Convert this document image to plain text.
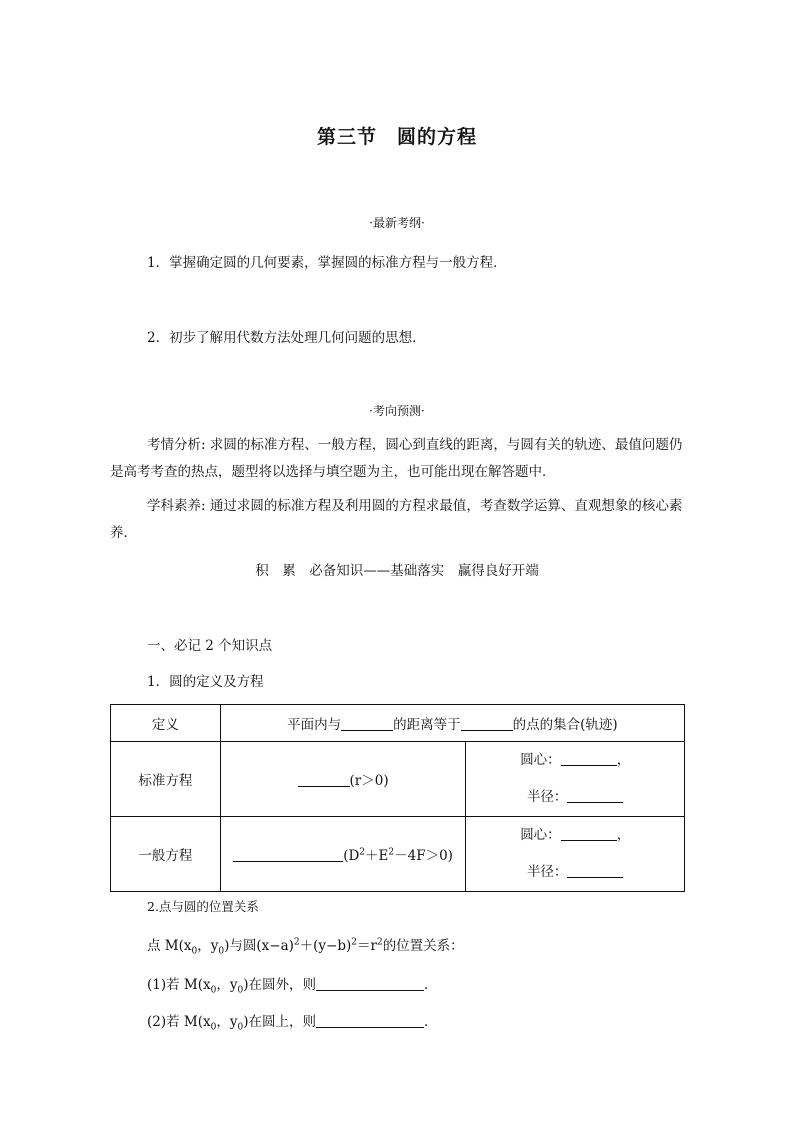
第三节　圆的方程
·最新考纲·
1．掌握确定圆的几何要素，掌握圆的标准方程与一般方程．
2．初步了解用代数方法处理几何问题的思想．
·考向预测·
考情分析: 求圆的标准方程、一般方程，圆心到直线的距离，与圆有关的轨迹、最值问题仍是高考考查的热点，题型将以选择与填空题为主，也可能出现在解答题中．
学科素养: 通过求圆的标准方程及利用圆的方程求最值，考查数学运算、直观想象的核心素养．
积　累　必备知识——基础落实　赢得良好开端
一、必记 2 个知识点
1．圆的定义及方程
定义	平面内与 的距离等于 的点的集合(轨迹)	
标准方程	(r＞0)	圆心： ，
半径：

一般方程	$(D^2+E^2-4F>0)$	圆心： ，
半径：
2.点与圆的位置关系
点 $M(x_0$，$y_0$)与圆$(x-a)^2+(y-b)^2=r^2$的位置关系：
(1)若 $M(x_0$，$y_0$)在圆外，则	．
(2)若 $M(x_0$，$y_0$)在圆上，则	．
